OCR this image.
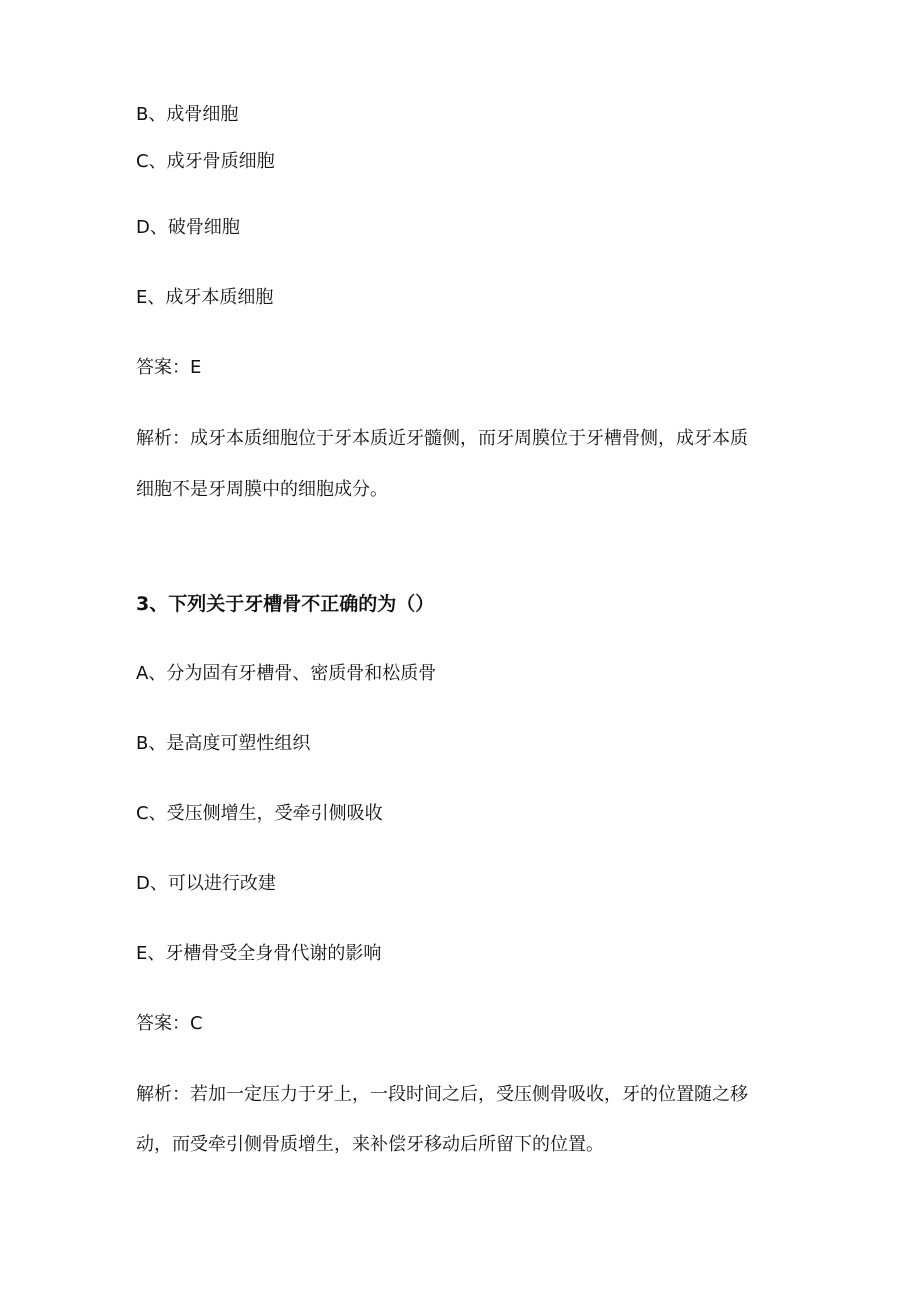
B、成骨细胞
C、成牙骨质细胞
D、破骨细胞
E、成牙本质细胞
答案：E
解析：成牙本质细胞位于牙本质近牙髓侧，而牙周膜位于牙槽骨侧，成牙本质
细胞不是牙周膜中的细胞成分。
3、下列关于牙槽骨不正确的为（）
A、分为固有牙槽骨、密质骨和松质骨
B、是高度可塑性组织
C、受压侧增生，受牵引侧吸收
D、可以进行改建
E、牙槽骨受全身骨代谢的影响
答案：C
解析：若加一定压力于牙上，一段时间之后，受压侧骨吸收，牙的位置随之移
动，而受牵引侧骨质增生，来补偿牙移动后所留下的位置。
